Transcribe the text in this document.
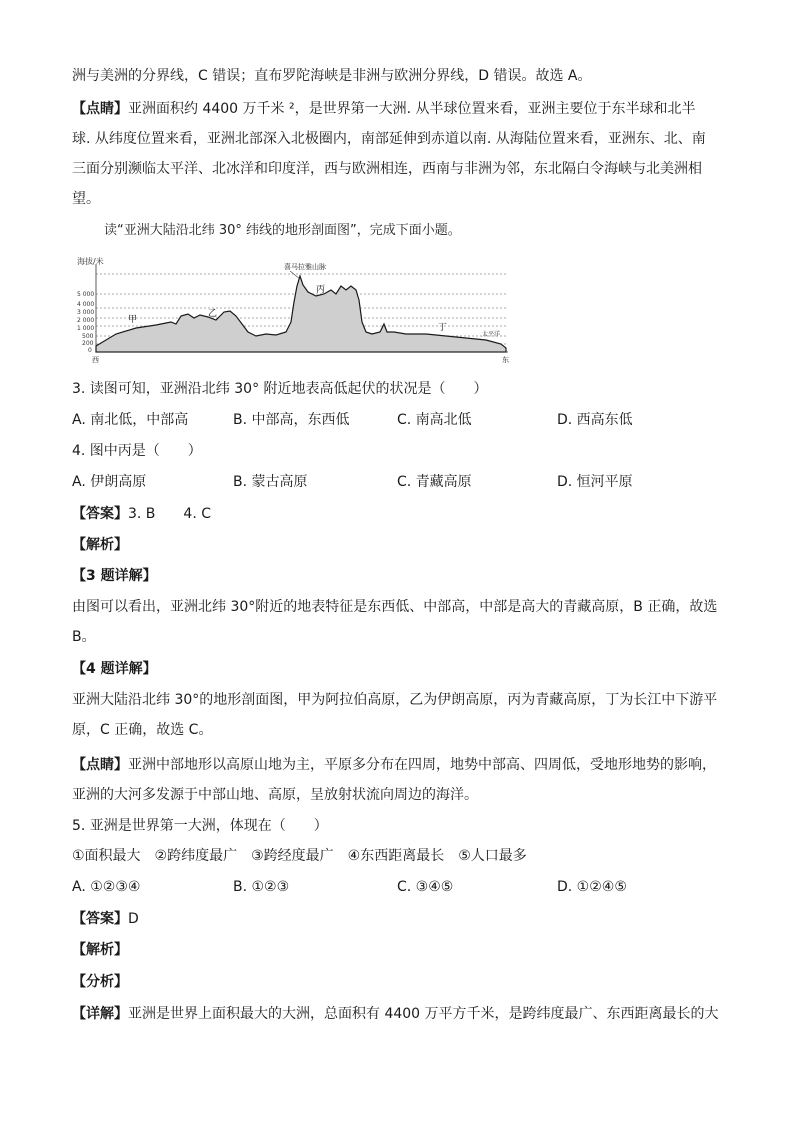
洲与美洲的分界线，C 错误；直布罗陀海峡是非洲与欧洲分界线，D 错误。故选 A。
【点睛】亚洲面积约 4400 万千米 ²，是世界第一大洲. 从半球位置来看，亚洲主要位于东半球和北半
球. 从纬度位置来看，亚洲北部深入北极圈内，南部延伸到赤道以南. 从海陆位置来看，亚洲东、北、南
三面分别濒临太平洋、北冰洋和印度洋，西与欧洲相连，西南与非洲为邻，东北隔白令海峡与北美洲相
望。
读“亚洲大陆沿北纬 30° 纬线的地形剖面图”，完成下面小题。
海拔/米
喜马拉雅山脉
5 000
4 000
3 000
2 000
1 000
500
200
0
甲
乙
丙
丁
太平洋
西	东
3. 读图可知，亚洲沿北纬 30° 附近地表高低起伏的状况是（　　）
A. 南北低，中部高	B. 中部高，东西低	C. 南高北低	D. 西高东低
4. 图中丙是（　　）
A. 伊朗高原	B. 蒙古高原	C. 青藏高原	D. 恒河平原
【答案】3. B　　4. C
【解析】
【3 题详解】
由图可以看出，亚洲北纬 30°附近的地表特征是东西低、中部高，中部是高大的青藏高原，B 正确，故选
B。
【4 题详解】
亚洲大陆沿北纬 30°的地形剖面图，甲为阿拉伯高原，乙为伊朗高原，丙为青藏高原，丁为长江中下游平
原，C 正确，故选 C。
【点睛】亚洲中部地形以高原山地为主，平原多分布在四周，地势中部高、四周低，受地形地势的影响，
亚洲的大河多发源于中部山地、高原，呈放射状流向周边的海洋。
5. 亚洲是世界第一大洲，体现在（　　）
①面积最大　②跨纬度最广　③跨经度最广　④东西距离最长　⑤人口最多
A. ①②③④	B. ①②③	C. ③④⑤	D. ①②④⑤
【答案】D
【解析】
【分析】
【详解】亚洲是世界上面积最大的大洲，总面积有 4400 万平方千米，是跨纬度最广、东西距离最长的大
